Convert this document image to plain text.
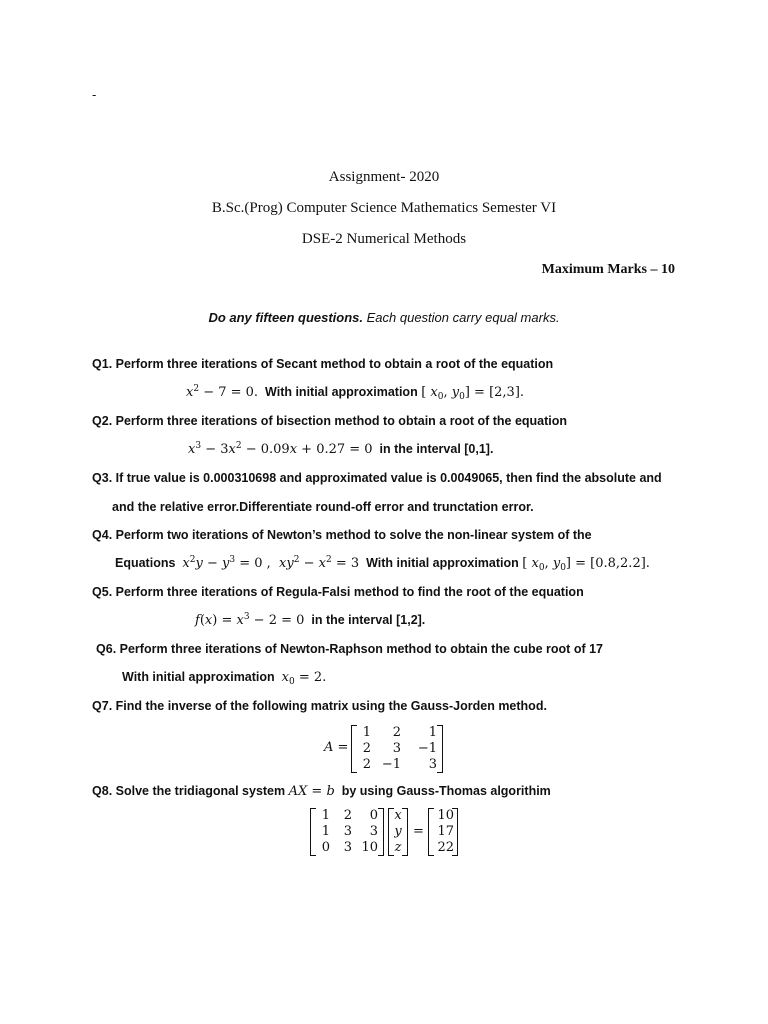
-
Assignment- 2020
B.Sc.(Prog) Computer Science Mathematics Semester VI
DSE-2 Numerical Methods
Maximum Marks – 10
Do any fifteen questions. Each question carry equal marks.
Q1. Perform three iterations of Secant method to obtain a root of the equation
$x^2 - 7 = 0$. With initial approximation [ $x_0$, $y_0] = [2,3]$.
Q2. Perform three iterations of bisection method to obtain a root of the equation
$x^3 - 3x^2 - 0.09x + 0.27 = 0$ in the interval [0,1].
Q3. If true value is 0.000310698 and approximated value is 0.0049065, then find the absolute and
and the relative error.Differentiate round-off error and trunctation error.
Q4. Perform two iterations of Newton’s method to solve the non-linear system of the
Equations $x^2y - y^3 = 0$ ,  $xy^2 - x^2 = 3$ With initial approximation [ $x_0$, $y_0] = [0.8,2.2]$.
Q5. Perform three iterations of Regula-Falsi method to find the root of the equation
$f(x) = x^3 - 2 = 0$ in the interval [1,2].
Q6. Perform three iterations of Newton-Raphson method to obtain the cube root of 17
With initial approximation $x_0 = 2$.
Q7. Find the inverse of the following matrix using the Gauss-Jorden method.
A =
1	2	1
2	3	−1
2 −1	3
Q8. Solve the tridiagonal system AX = b by using Gauss-Thomas algorithim
1	2	0
1	3	3
0	3 10
x
y
z
=
10
17
22
